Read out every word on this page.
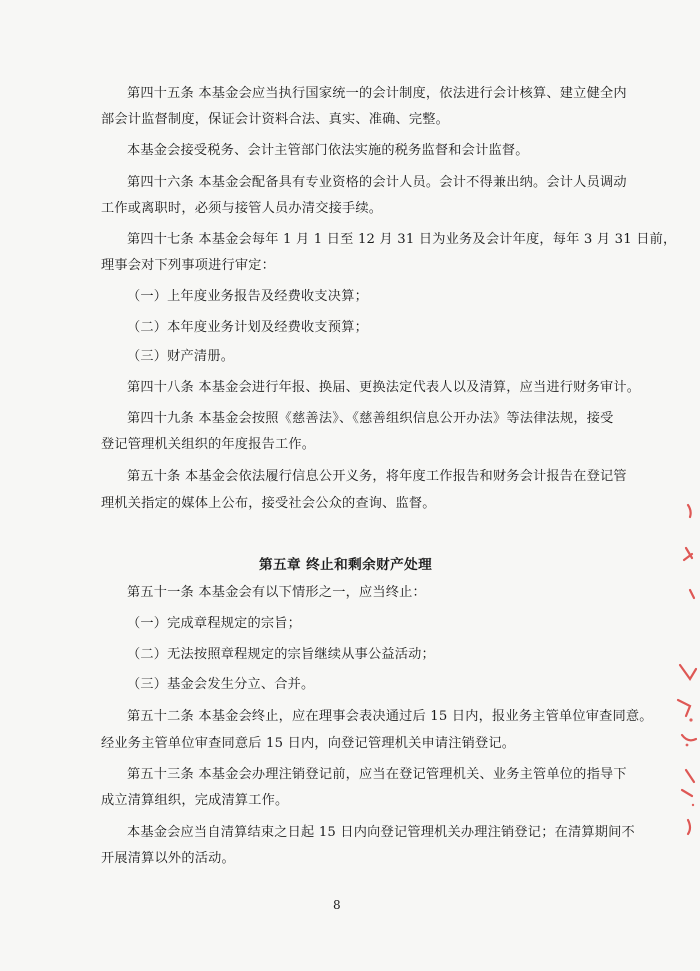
第四十五条 本基金会应当执行国家统一的会计制度，依法进行会计核算、建立健全内
部会计监督制度，保证会计资料合法、真实、准确、完整。
本基金会接受税务、会计主管部门依法实施的税务监督和会计监督。
第四十六条 本基金会配备具有专业资格的会计人员。会计不得兼出纳。会计人员调动
工作或离职时，必须与接管人员办清交接手续。
第四十七条 本基金会每年 1 月 1 日至 12 月 31 日为业务及会计年度，每年 3 月 31 日前，
理事会对下列事项进行审定：
（一）上年度业务报告及经费收支决算；
（二）本年度业务计划及经费收支预算；
（三）财产清册。
第四十八条 本基金会进行年报、换届、更换法定代表人以及清算，应当进行财务审计。
第四十九条 本基金会按照《慈善法》、《慈善组织信息公开办法》等法律法规，接受
登记管理机关组织的年度报告工作。
第五十条 本基金会依法履行信息公开义务，将年度工作报告和财务会计报告在登记管
理机关指定的媒体上公布，接受社会公众的查询、监督。
第五章 终止和剩余财产处理
第五十一条 本基金会有以下情形之一，应当终止：
（一）完成章程规定的宗旨；
（二）无法按照章程规定的宗旨继续从事公益活动；
（三）基金会发生分立、合并。
第五十二条 本基金会终止，应在理事会表决通过后 15 日内，报业务主管单位审查同意。
经业务主管单位审查同意后 15 日内，向登记管理机关申请注销登记。
第五十三条 本基金会办理注销登记前，应当在登记管理机关、业务主管单位的指导下
成立清算组织，完成清算工作。
本基金会应当自清算结束之日起 15 日内向登记管理机关办理注销登记；在清算期间不
开展清算以外的活动。
8
